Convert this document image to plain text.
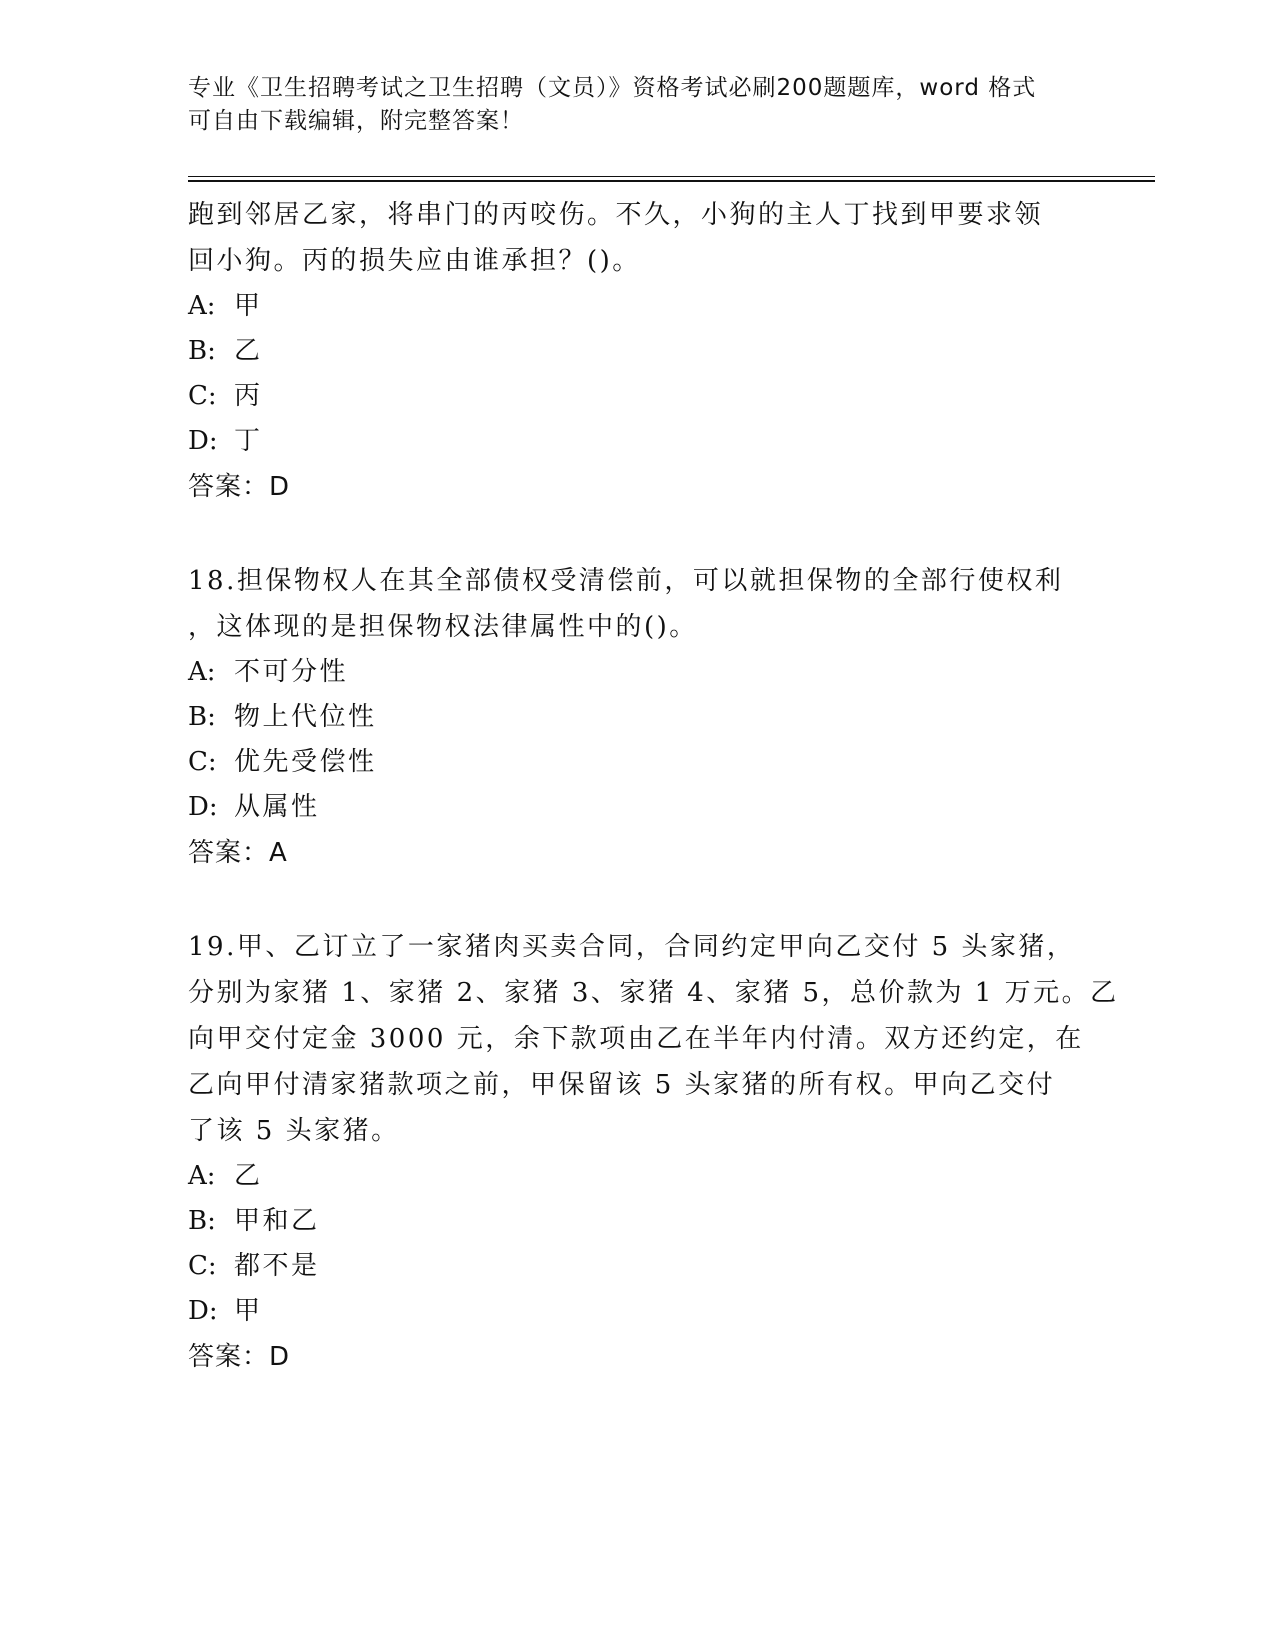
专业《卫生招聘考试之卫生招聘（文员）》资格考试必刷200题题库，word 格式
可自由下载编辑，附完整答案！
跑到邻居乙家，将串门的丙咬伤。不久，小狗的主人丁找到甲要求领
回小狗。丙的损失应由谁承担？()。
A: 甲
B: 乙
C: 丙
D: 丁
答案：D
18.担保物权人在其全部债权受清偿前，可以就担保物的全部行使权利
，这体现的是担保物权法律属性中的()。
A: 不可分性
B: 物上代位性
C: 优先受偿性
D: 从属性
答案：A
19.甲、乙订立了一家猪肉买卖合同，合同约定甲向乙交付 5 头家猪，
分别为家猪 1、家猪 2、家猪 3、家猪 4、家猪 5，总价款为 1 万元。乙
向甲交付定金 3000 元，余下款项由乙在半年内付清。双方还约定，在
乙向甲付清家猪款项之前，甲保留该 5 头家猪的所有权。甲向乙交付
了该 5 头家猪。
A: 乙
B: 甲和乙
C: 都不是
D: 甲
答案：D
